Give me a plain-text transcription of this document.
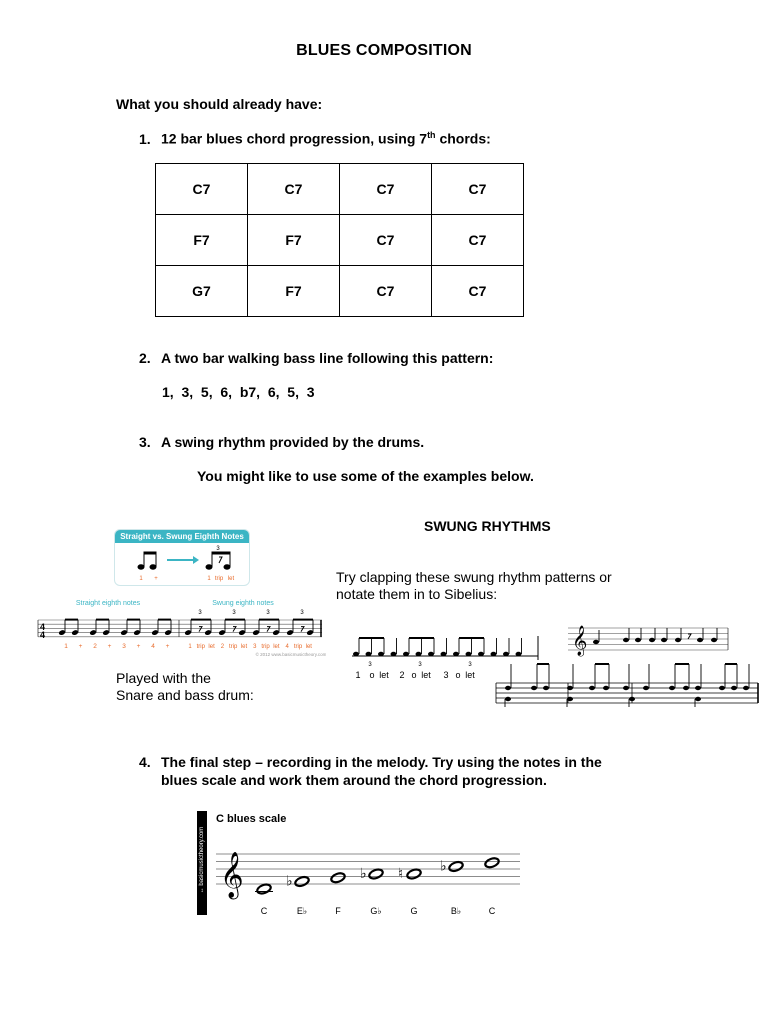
BLUES COMPOSITION
What you should already have:
1. 12 bar blues chord progression, using 7th chords:
C7	C7	C7	C7
F7	F7	C7	C7
G7	F7	C7	C7
2. A two bar walking bass line following this pattern:
1,  3,  5,  6,  b7,  6,  5,  3
3. A swing rhythm provided by the drums.
You might like to use some of the examples below.
Straight vs. Swung Eighth Notes
3
1 +	1 trip let
Straight eighth notes	Swung eighth notes
4
4
3	3	3	3
1 + 2 + 3 + 4 +	1 trip let 2 trip let 3 trip let 4 trip let
© 2012 www.basicmusictheory.com
Played with the
Snare and bass drum:
SWUNG RHYTHMS
Try clapping these swung rhythm patterns or
notate them in to Sibelius:
3	3	3
1 o let 2 o let 3 o let
𝄞
4. The final step – recording in the melody. Try using the notes in the
blues scale and work them around the chord progression.
↔ basicmusictheory.com
C blues scale
𝄞	♭	♭ ♮	♭
C	E♭	F	G♭	G	B♭	C
